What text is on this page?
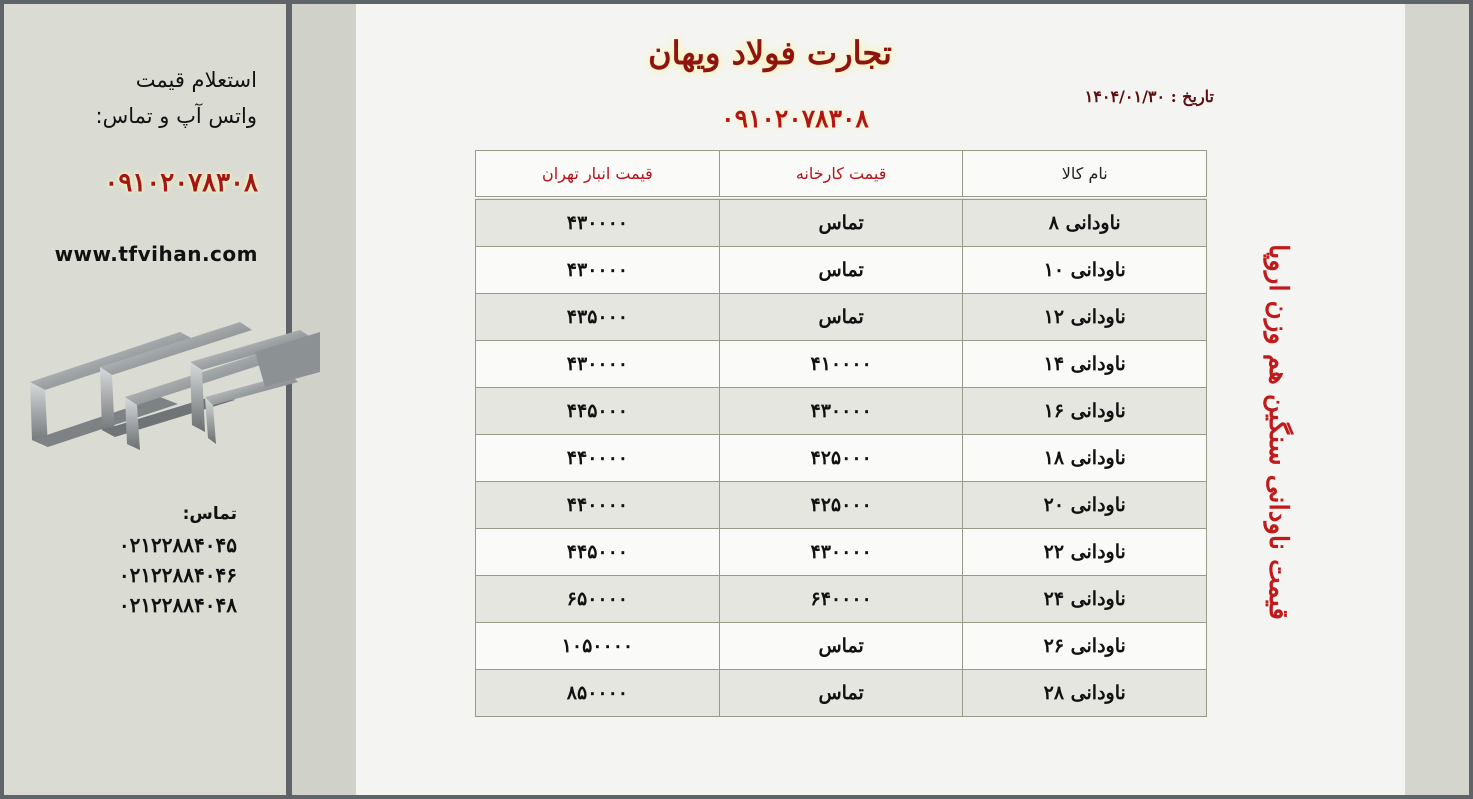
استعلام قیمت
واتس آپ و تماس:
۰۹۱۰۲۰۷۸۳۰۸
www.tfvihan.com
تماس:
۰۲۱۲۲۸۸۴۰۴۵
۰۲۱۲۲۸۸۴۰۴۶
۰۲۱۲۲۸۸۴۰۴۸
تجارت فولاد ویهان
۰۹۱۰۲۰۷۸۳۰۸
تاریخ : ۱۴۰۴/۰۱/۳۰
قیمت ناودانی سنگین هم وزن اروپا
نام کالا	قیمت کارخانه	قیمت انبار تهران
ناودانی ۸	تماس	۴۳۰۰۰۰
ناودانی ۱۰	تماس	۴۳۰۰۰۰
ناودانی ۱۲	تماس	۴۳۵۰۰۰
ناودانی ۱۴	۴۱۰۰۰۰	۴۳۰۰۰۰
ناودانی ۱۶	۴۳۰۰۰۰	۴۴۵۰۰۰
ناودانی ۱۸	۴۲۵۰۰۰	۴۴۰۰۰۰
ناودانی ۲۰	۴۲۵۰۰۰	۴۴۰۰۰۰
ناودانی ۲۲	۴۳۰۰۰۰	۴۴۵۰۰۰
ناودانی ۲۴	۶۴۰۰۰۰	۶۵۰۰۰۰
ناودانی ۲۶	تماس	۱۰۵۰۰۰۰
ناودانی ۲۸	تماس	۸۵۰۰۰۰
